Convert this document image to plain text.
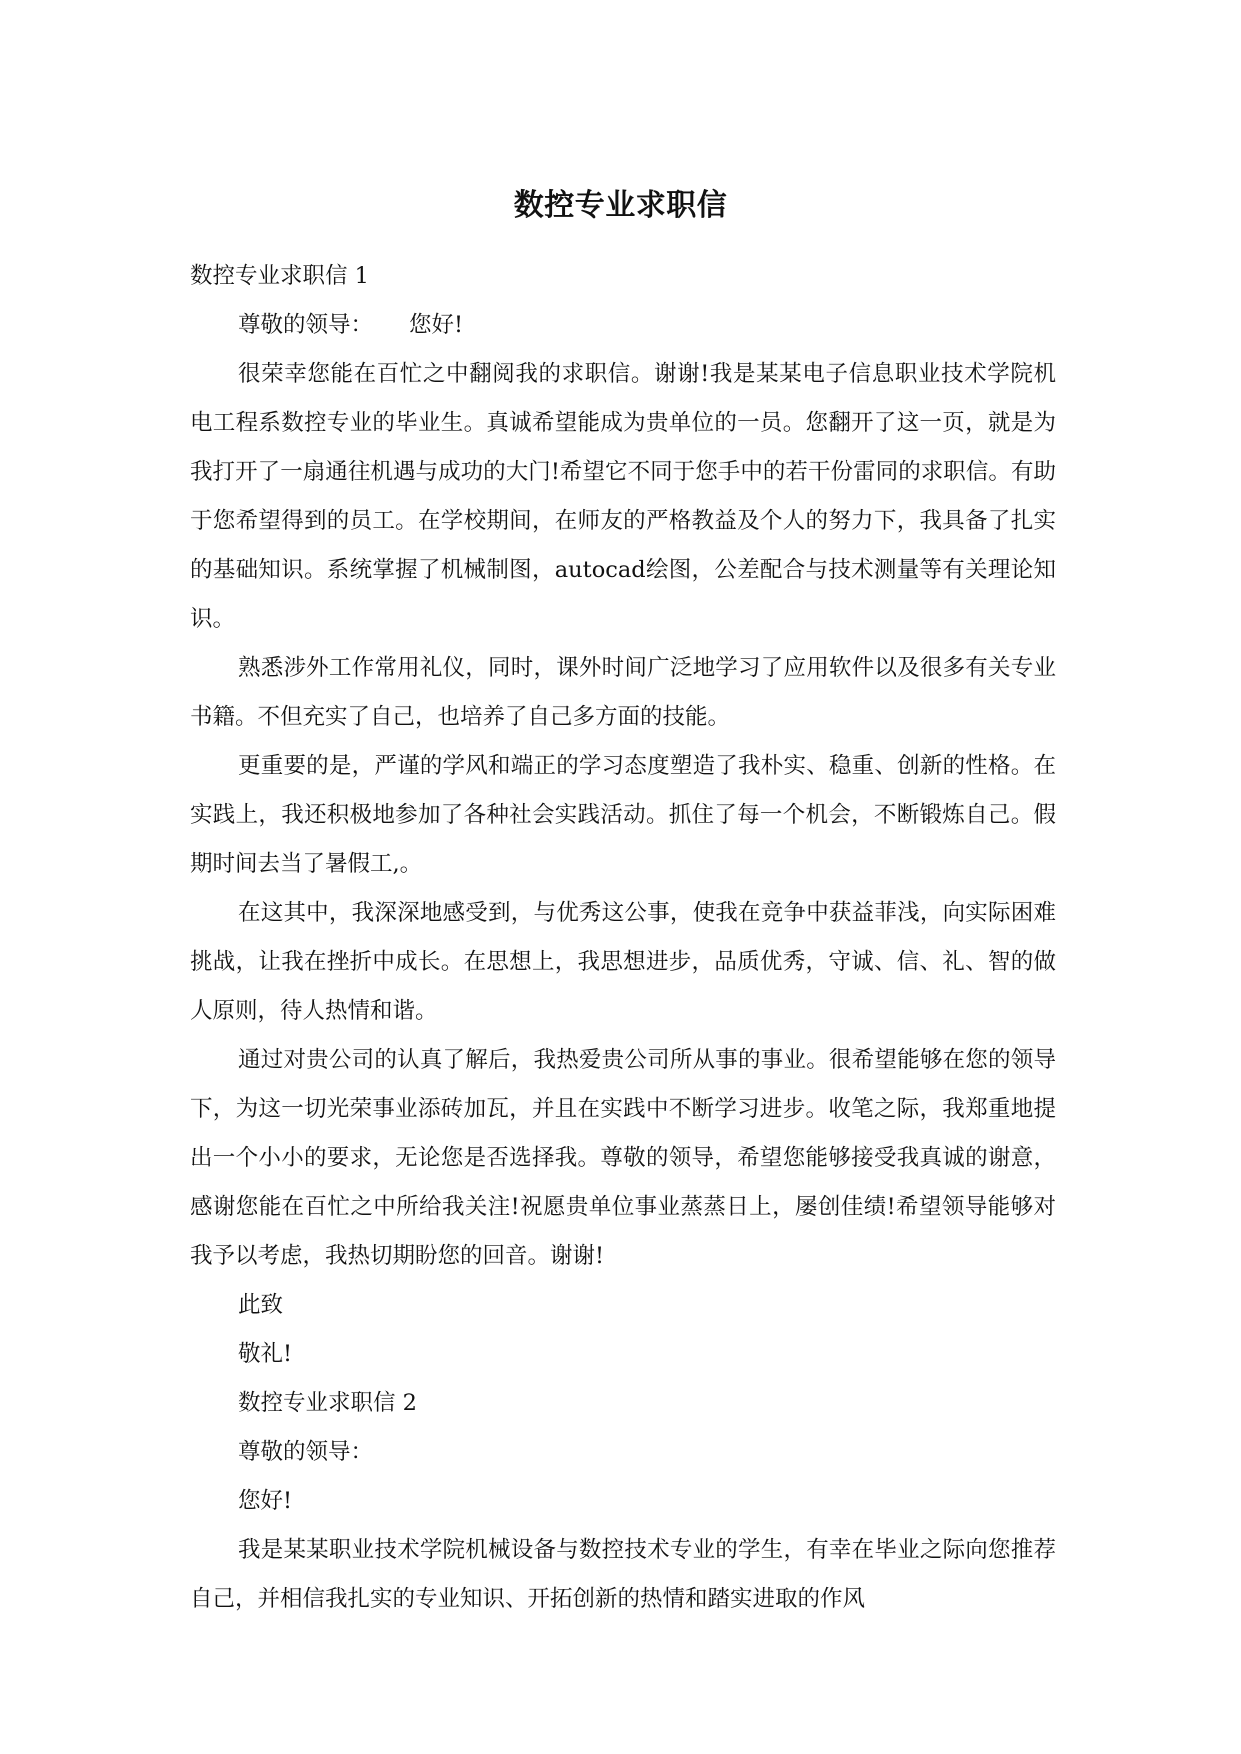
数控专业求职信

数控专业求职信 1

尊敬的领导： 您好!

很荣幸您能在百忙之中翻阅我的求职信。谢谢!我是某某电子信息职业技术学院机电工程系数控专业的毕业生。真诚希望能成为贵单位的一员。您翻开了这一页，就是为我打开了一扇通往机遇与成功的大门!希望它不同于您手中的若干份雷同的求职信。有助于您希望得到的员工。在学校期间，在师友的严格教益及个人的努力下，我具备了扎实的基础知识。系统掌握了机械制图，autocad绘图，公差配合与技术测量等有关理论知识。

熟悉涉外工作常用礼仪，同时，课外时间广泛地学习了应用软件以及很多有关专业书籍。不但充实了自己，也培养了自己多方面的技能。

更重要的是，严谨的学风和端正的学习态度塑造了我朴实、稳重、创新的性格。在实践上，我还积极地参加了各种社会实践活动。抓住了每一个机会，不断锻炼自己。假期时间去当了暑假工,。

在这其中，我深深地感受到，与优秀这公事，使我在竞争中获益菲浅，向实际困难挑战，让我在挫折中成长。在思想上，我思想进步，品质优秀，守诚、信、礼、智的做人原则，待人热情和谐。

通过对贵公司的认真了解后，我热爱贵公司所从事的事业。很希望能够在您的领导下，为这一切光荣事业添砖加瓦，并且在实践中不断学习进步。收笔之际，我郑重地提出一个小小的要求，无论您是否选择我。尊敬的领导，希望您能够接受我真诚的谢意，感谢您能在百忙之中所给我关注!祝愿贵单位事业蒸蒸日上，屡创佳绩!希望领导能够对我予以考虑，我热切期盼您的回音。谢谢!

此致

敬礼!

数控专业求职信 2

尊敬的领导：

您好!

我是某某职业技术学院机械设备与数控技术专业的学生，有幸在毕业之际向您推荐自己，并相信我扎实的专业知识、开拓创新的热情和踏实进取的作风
